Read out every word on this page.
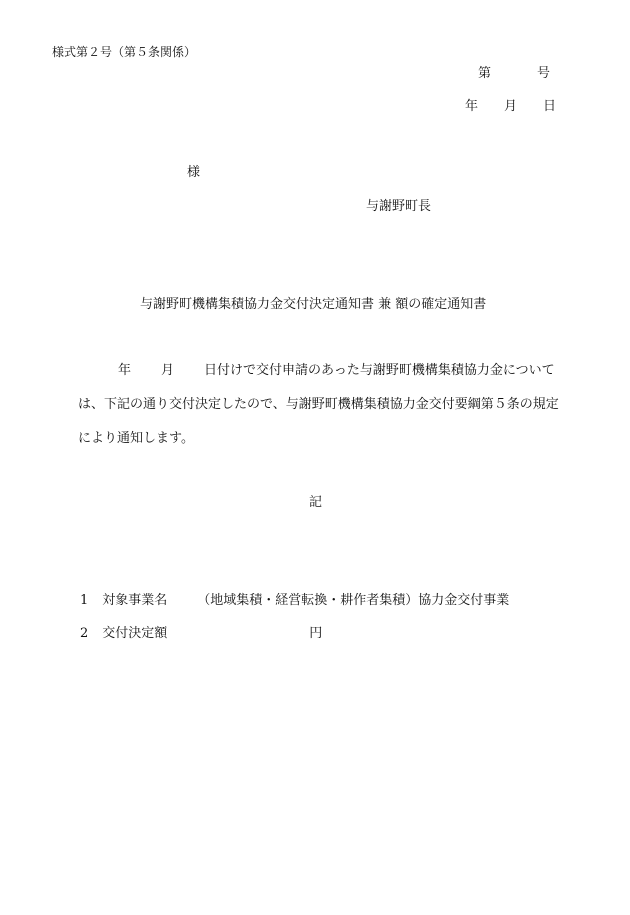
様式第２号（第５条関係）
第	号
年 月 日
様
与謝野町長
与謝野町機構集積協力金交付決定通知書 兼 額の確定通知書
年 月 日付けで交付申請のあった与謝野町機構集積協力金について
は、下記の通り交付決定したので、与謝野町機構集積協力金交付要綱第５条の規定
により通知します。
記
1 対象事業名 （地域集積・経営転換・耕作者集積）協力金交付事業
2 交付決定額	円
